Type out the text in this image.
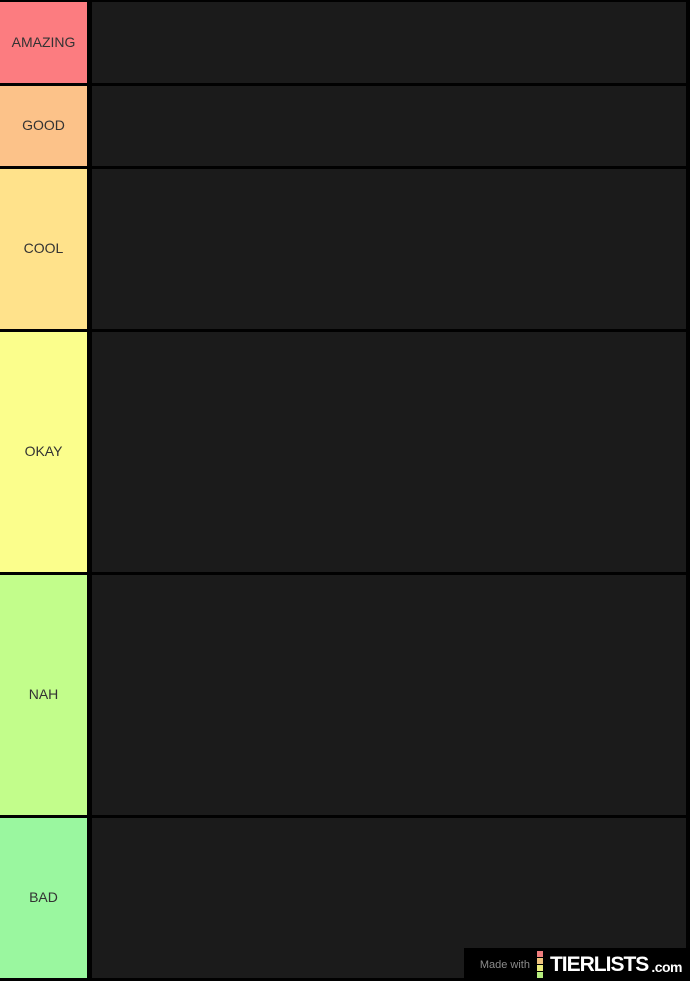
AMAZING
GOOD
COOL
OKAY
NAH
BAD
Made with TIERLISTS .com
